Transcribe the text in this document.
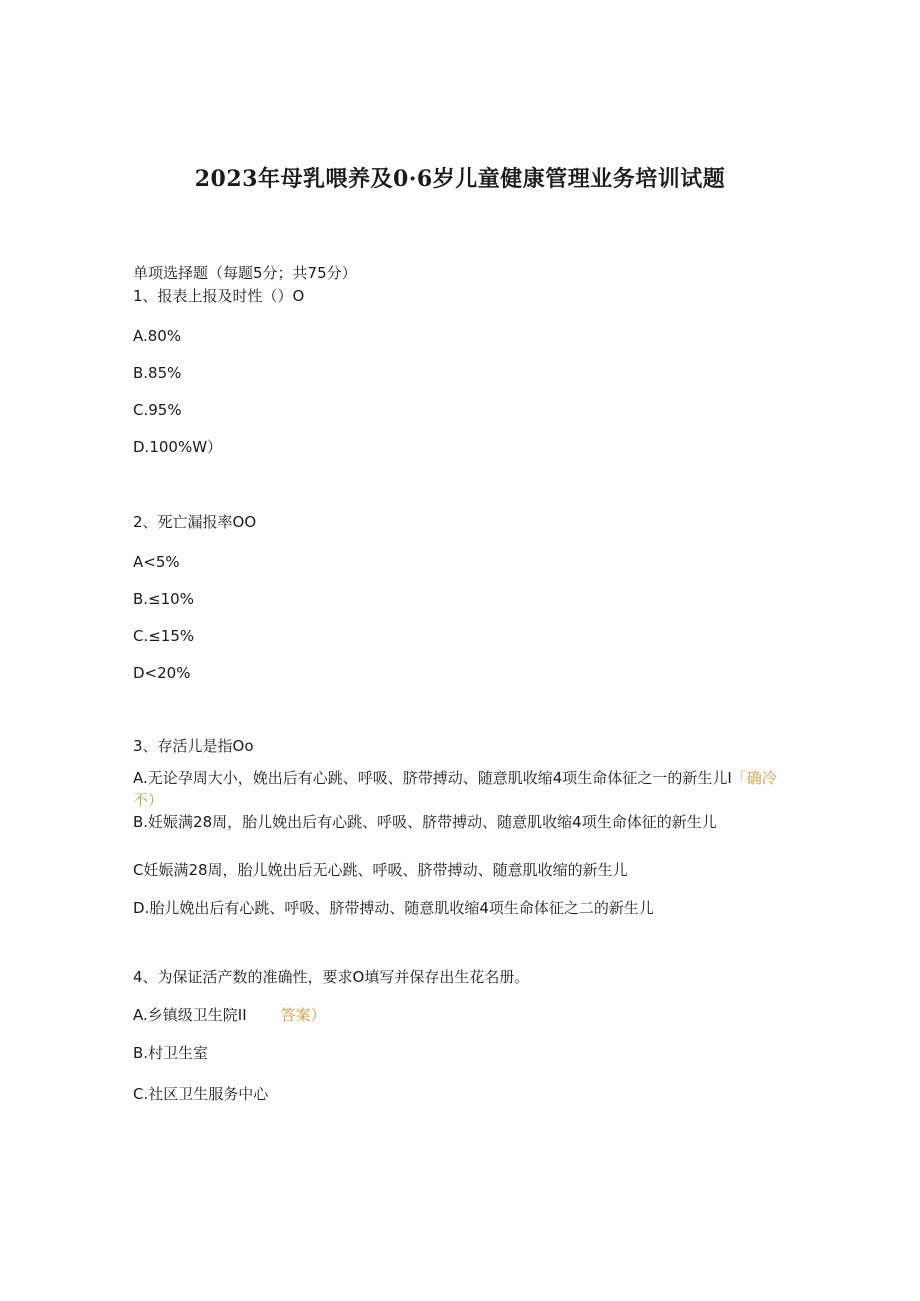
2023年母乳喂养及0·6岁儿童健康管理业务培训试题
单项选择题（每题5分；共75分）
1、报表上报及时性（）O
A.80%
B.85%
C.95%
D.100%W）
2、死亡漏报率OO
A<5%
B.≤10%
C.≤15%
D<20%
3、存活儿是指Oo
A.无论孕周大小，娩出后有心跳、呼吸、脐带搏动、随意肌收缩4项生命体征之一的新生儿I「确冷不）
B.妊娠满28周，胎儿娩出后有心跳、呼吸、脐带搏动、随意肌收缩4项生命体征的新生儿
C妊娠满28周，胎儿娩出后无心跳、呼吸、脐带搏动、随意肌收缩的新生儿
D.胎儿娩出后有心跳、呼吸、脐带搏动、随意肌收缩4项生命体征之二的新生儿
4、为保证活产数的准确性，要求O填写并保存出生花名册。
A.乡镇级卫生院II 答案）
B.村卫生室
C.社区卫生服务中心
